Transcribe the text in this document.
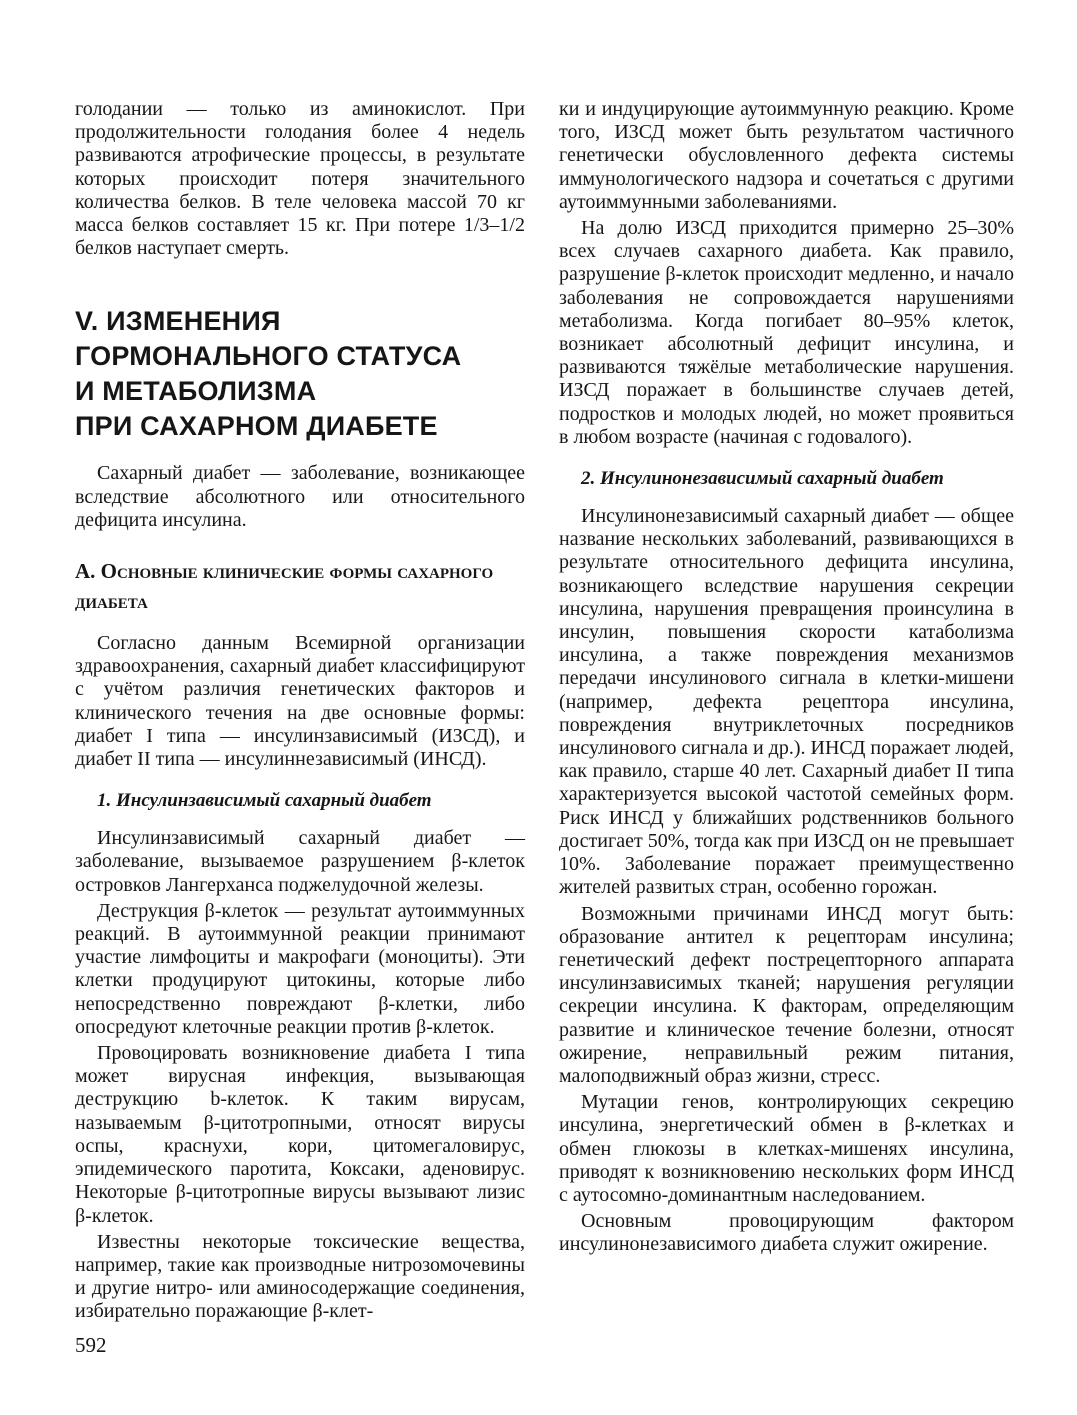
голодании — только из аминокислот. При продолжительности голодания более 4 недель развиваются атрофические процессы, в результате которых происходит потеря значительного количества белков. В теле человека массой 70 кг масса белков составляет 15 кг. При потере 1/3–1/2 белков наступает смерть.

V. ИЗМЕНЕНИЯ
ГОРМОНАЛЬНОГО СТАТУСА
И МЕТАБОЛИЗМА
ПРИ САХАРНОМ ДИАБЕТЕ

Сахарный диабет — заболевание, возникающее вследствие абсолютного или относительного дефицита инсулина.

А. Основные клинические формы сахарного диабета

Согласно данным Всемирной организации здравоохранения, сахарный диабет классифицируют с учётом различия генетических факторов и клинического течения на две основные формы: диабет I типа — инсулинзависимый (ИЗСД), и диабет II типа — инсулиннезависимый (ИНСД).

1. Инсулинзависимый сахарный диабет

Инсулинзависимый сахарный диабет — заболевание, вызываемое разрушением β-клеток островков Лангерханса поджелудочной железы.

Деструкция β-клеток — результат аутоиммунных реакций. В аутоиммунной реакции принимают участие лимфоциты и макрофаги (моноциты). Эти клетки продуцируют цитокины, которые либо непосредственно повреждают β-клетки, либо опосредуют клеточные реакции против β-клеток.

Провоцировать возникновение диабета I типа может вирусная инфекция, вызывающая деструкцию b-клеток. К таким вирусам, называемым β-цитотропными, относят вирусы оспы, краснухи, кори, цитомегаловирус, эпидемического паротита, Коксаки, аденовирус. Некоторые β-цитотропные вирусы вызывают лизис β-клеток.

Известны некоторые токсические вещества, например, такие как производные нитрозомочевины и другие нитро- или аминосодержащие соединения, избирательно поражающие β-клет-

ки и индуцирующие аутоиммунную реакцию. Кроме того, ИЗСД может быть результатом частичного генетически обусловленного дефекта системы иммунологического надзора и сочетаться с другими аутоиммунными заболеваниями.

На долю ИЗСД приходится примерно 25–30% всех случаев сахарного диабета. Как правило, разрушение β-клеток происходит медленно, и начало заболевания не сопровождается нарушениями метаболизма. Когда погибает 80–95% клеток, возникает абсолютный дефицит инсулина, и развиваются тяжёлые метаболические нарушения. ИЗСД поражает в большинстве случаев детей, подростков и молодых людей, но может проявиться в любом возрасте (начиная с годовалого).

2. Инсулинонезависимый сахарный диабет

Инсулинонезависимый сахарный диабет — общее название нескольких заболеваний, развивающихся в результате относительного дефицита инсулина, возникающего вследствие нарушения секреции инсулина, нарушения превращения проинсулина в инсулин, повышения скорости катаболизма инсулина, а также повреждения механизмов передачи инсулинового сигнала в клетки-мишени (например, дефекта рецептора инсулина, повреждения внутриклеточных посредников инсулинового сигнала и др.). ИНСД поражает людей, как правило, старше 40 лет. Сахарный диабет II типа характеризуется высокой частотой семейных форм. Риск ИНСД у ближайших родственников больного достигает 50%, тогда как при ИЗСД он не превышает 10%. Заболевание поражает преимущественно жителей развитых стран, особенно горожан.

Возможными причинами ИНСД могут быть: образование антител к рецепторам инсулина; генетический дефект пострецепторного аппарата инсулинзависимых тканей; нарушения регуляции секреции инсулина. К факторам, определяющим развитие и клиническое течение болезни, относят ожирение, неправильный режим питания, малоподвижный образ жизни, стресс.

Мутации генов, контролирующих секрецию инсулина, энергетический обмен в β-клетках и обмен глюкозы в клетках-мишенях инсулина, приводят к возникновению нескольких форм ИНСД с аутосомно-доминантным наследованием.

Основным провоцирующим фактором инсулинонезависимого диабета служит ожирение.

592
